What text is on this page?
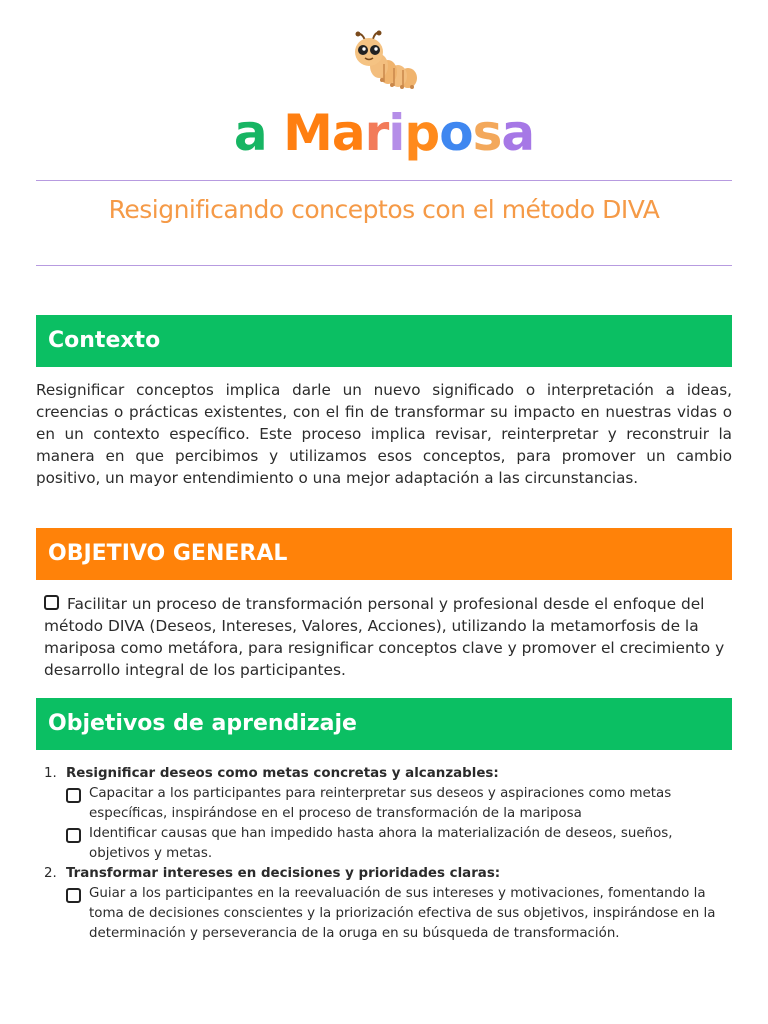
a Mariposa
Resignificando conceptos con el método DIVA
Contexto
Resignificar conceptos implica darle un nuevo significado o interpretación a ideas, creencias o prácticas existentes, con el fin de transformar su impacto en nuestras vidas o en un contexto específico. Este proceso implica revisar, reinterpretar y reconstruir la manera en que percibimos y utilizamos esos conceptos, para promover un cambio positivo, un mayor entendimiento o una mejor adaptación a las circunstancias.
OBJETIVO GENERAL
Facilitar un proceso de transformación personal y profesional desde el enfoque del método DIVA (Deseos, Intereses, Valores, Acciones), utilizando la metamorfosis de la mariposa como metáfora, para resignificar conceptos clave y promover el crecimiento y desarrollo integral de los participantes.
Objetivos de aprendizaje
1. Resignificar deseos como metas concretas y alcanzables:
Capacitar a los participantes para reinterpretar sus deseos y aspiraciones como metas específicas, inspirándose en el proceso de transformación de la mariposa
Identificar causas que han impedido hasta ahora la materialización de deseos, sueños, objetivos y metas.
2. Transformar intereses en decisiones y prioridades claras:
Guiar a los participantes en la reevaluación de sus intereses y motivaciones, fomentando la toma de decisiones conscientes y la priorización efectiva de sus objetivos, inspirándose en la determinación y perseverancia de la oruga en su búsqueda de transformación.
